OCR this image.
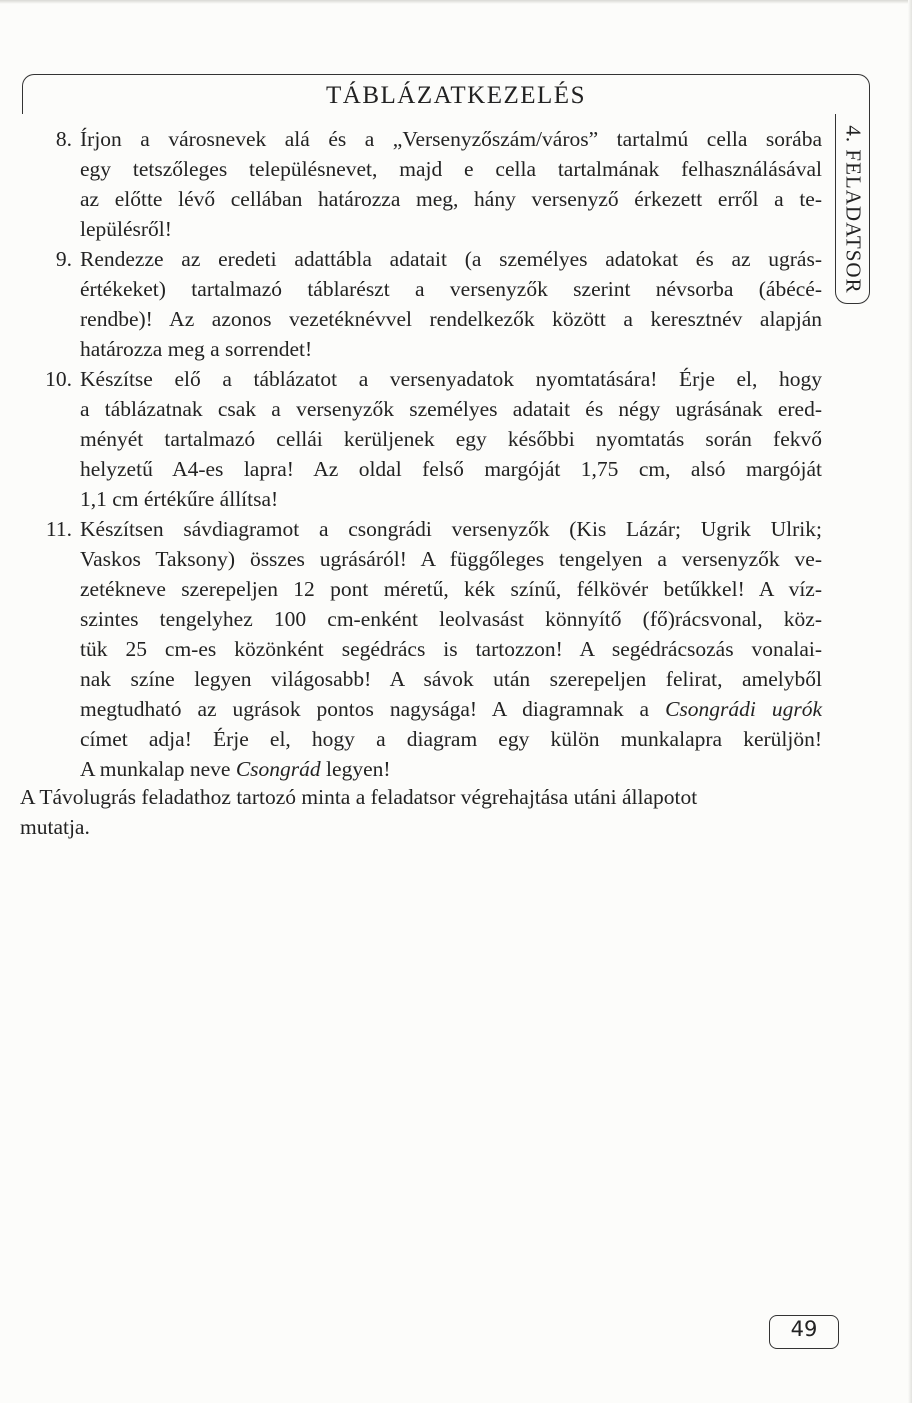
TÁBLÁZATKEZELÉS
4. FELADATSOR
8. Írjon a városnevek alá és a „Versenyzőszám/város” tartalmú cella sorába
egy tetszőleges településnevet, majd e cella tartalmának felhasználásával
az előtte lévő cellában határozza meg, hány versenyző érkezett erről a te-
lepülésről!
9. Rendezze az eredeti adattábla adatait (a személyes adatokat és az ugrás-
értékeket) tartalmazó táblarészt a versenyzők szerint névsorba (ábécé-
rendbe)! Az azonos vezetéknévvel rendelkezők között a keresztnév alapján
határozza meg a sorrendet!
10. Készítse elő a táblázatot a versenyadatok nyomtatására! Érje el, hogy
a táblázatnak csak a versenyzők személyes adatait és négy ugrásának ered-
ményét tartalmazó cellái kerüljenek egy későbbi nyomtatás során fekvő
helyzetű A4-es lapra! Az oldal felső margóját 1,75 cm, alsó margóját
1,1 cm értékűre állítsa!
11. Készítsen sávdiagramot a csongrádi versenyzők (Kis Lázár; Ugrik Ulrik;
Vaskos Taksony) összes ugrásáról! A függőleges tengelyen a versenyzők ve-
zetékneve szerepeljen 12 pont méretű, kék színű, félkövér betűkkel! A víz-
szintes tengelyhez 100 cm-enként leolvasást könnyítő (fő)rácsvonal, köz-
tük 25 cm-es közönként segédrács is tartozzon! A segédrácsozás vonalai-
nak színe legyen világosabb! A sávok után szerepeljen felirat, amelyből
megtudható az ugrások pontos nagysága! A diagramnak a Csongrádi ugrók
címet adja! Érje el, hogy a diagram egy külön munkalapra kerüljön!
A munkalap neve Csongrád legyen!
A Távolugrás feladathoz tartozó minta a feladatsor végrehajtása utáni állapotot
mutatja.
49
